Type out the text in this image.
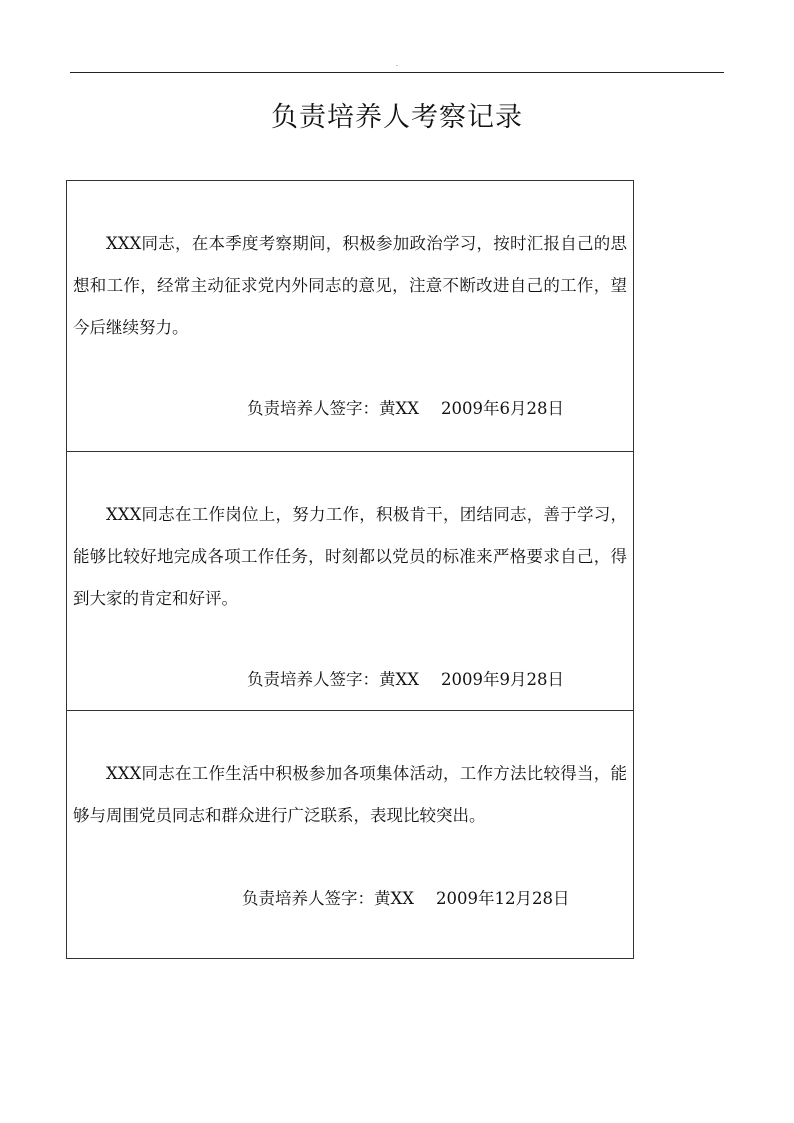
.
负责培养人考察记录

XXX同志，在本季度考察期间，积极参加政治学习，按时汇报自己的思想和工作，经常主动征求党内外同志的意见，注意不断改进自己的工作，望今后继续努力。

负责培养人签字：黄XX 2009年6月28日

XXX同志在工作岗位上，努力工作，积极肯干，团结同志，善于学习，能够比较好地完成各项工作任务，时刻都以党员的标准来严格要求自己，得到大家的肯定和好评。

负责培养人签字：黄XX 2009年9月28日

XXX同志在工作生活中积极参加各项集体活动，工作方法比较得当，能够与周围党员同志和群众进行广泛联系，表现比较突出。

负责培养人签字：黄XX 2009年12月28日
